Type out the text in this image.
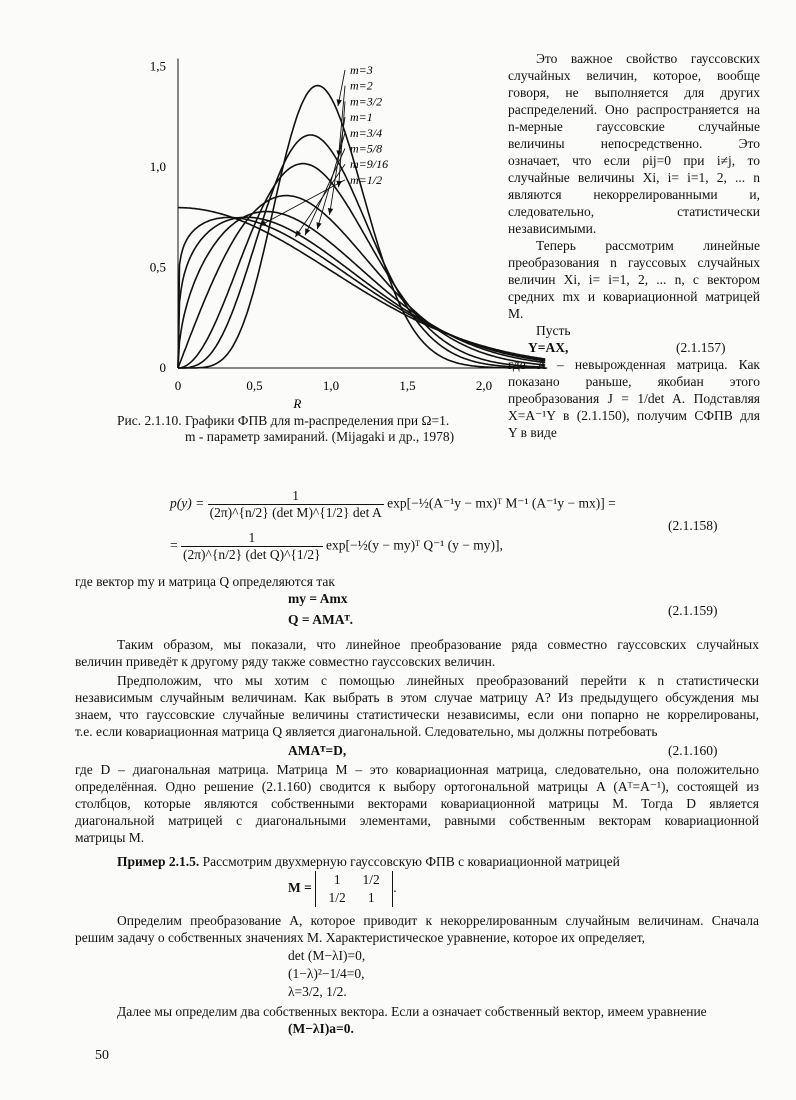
m=3
m=2
m=3/2
m=1
m=3/4
m=5/8
m=9/16
m=1/2
0
0,5
1,0
1,5
0	0,5	1,0	1,5	2,0
R
Рис. 2.1.10. Графики ФПВ для m-распределения при Ω=1.
m - параметр замираний. (Mijagaki и др., 1978)
Это важное свойство гауссовских
случайных величин, которое, вообще
говоря, не выполняется для других
распределений. Оно распространяется на
n-мерные гауссовские случайные
величины непосредственно. Это
означает, что если ρij=0 при i≠j, то
случайные величины Xi, i= i=1, 2, ... n
являются некоррелированными и,
следовательно, статистически
независимыми.
Теперь рассмотрим линейные
преобразования n гауссовых случайных
величин Xi, i= i=1, 2, ... n, с вектором
средних mx и ковариационной матрицей
M.
Пусть
Y=AX,	(2.1.157)
где A – невырожденная матрица. Как
показано раньше, якобиан этого
преобразования J = 1/det A. Подставляя
X=A⁻¹Y в (2.1.150), получим СФПВ для
Y в виде
$p(y) = \frac{1}{\text{(2π)\textasciicircum{}\{n/2\} (det M)\textasciicircum{}\{1/2\} det A}}$ exp[−½(A⁻¹y − mx)ᵀ M⁻¹ (A⁻¹y − mx)] =
= $\frac{1}{\text{(2π)\textasciicircum{}\{n/2\} (det Q)\textasciicircum{}\{1/2\}}}$ exp[−½(y − my)ᵀ Q⁻¹ (y − my)],
(2.1.158)
где вектор my и матрица Q определяются так
my = Amx
Q = AMAᵀ.
(2.1.159)
Таким образом, мы показали, что линейное преобразование ряда совместно гауссовских случайных
величин приведёт к другому ряду также совместно гауссовских величин.
Предположим, что мы хотим с помощью линейных преобразований перейти к n статистически
независимым случайным величинам. Как выбрать в этом случае матрицу A? Из предыдущего обсуждения мы
знаем, что гауссовские случайные величины статистически независимы, если они попарно не коррелированы,
т.е. если ковариационная матрица Q является диагональной. Следовательно, мы должны потребовать
AMAᵀ=D,	(2.1.160)
где D – диагональная матрица. Матрица M – это ковариационная матрица, следовательно, она положительно
определённая. Одно решение (2.1.160) сводится к выбору ортогональной матрицы A (Aᵀ=A⁻¹), состоящей из
столбцов, которые являются собственными векторами ковариационной матрицы M. Тогда D является
диагональной матрицей с диагональными элементами, равными собственным векторам ковариационной
матрицы M.
Пример 2.1.5. Рассмотрим двухмерную гауссовскую ФПВ с ковариационной матрицей
M = 1 1/2
1/2 1.
Определим преобразование A, которое приводит к некоррелированным случайным величинам. Сначала
решим задачу о собственных значениях M. Характеристическое уравнение, которое их определяет,
det (M−λI)=0,
(1−λ)²−1/4=0,
λ=3/2, 1/2.
Далее мы определим два собственных вектора. Если a означает собственный вектор, имеем уравнение
(M−λI)a=0.
50
